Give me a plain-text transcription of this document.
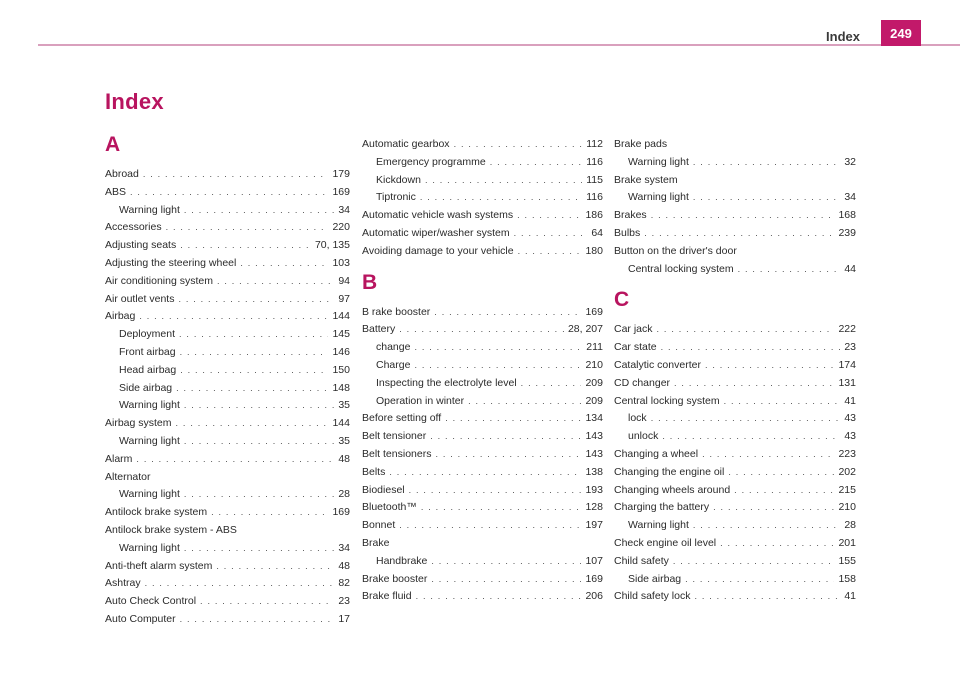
Index	249
Index
A
Abroad . . .	179
ABS . . .	169
Warning light . . .	34
Accessories . . .	220
Adjusting seats . . .	70, 135
Adjusting the steering wheel . . .	103
Air conditioning system . . .	94
Air outlet vents . . .	97
Airbag . . .	144
Deployment . . .	145
Front airbag . . .	146
Head airbag . . .	150
Side airbag . . .	148
Warning light . . .	35
Airbag system . . .	144
Warning light . . .	35
Alarm . . .	48
Alternator
Warning light . . .	28
Antilock brake system . . .	169
Antilock brake system - ABS
Warning light . . .	34
Anti-theft alarm system . . .	48
Ashtray . . .	82
Auto Check Control . . .	23
Auto Computer . . .	17
Automatic gearbox . . .	112
Emergency programme . . .	116
Kickdown . . .	115
Tiptronic . . .	116
Automatic vehicle wash systems . . .	186
Automatic wiper/washer system . . .	64
Avoiding damage to your vehicle . . .	180
B
B rake booster . . .	169
Battery . . .	28, 207
change . . .	211
Charge . . .	210
Inspecting the electrolyte level . . .	209
Operation in winter . . .	209
Before setting off . . .	134
Belt tensioner . . .	143
Belt tensioners . . .	143
Belts . . .	138
Biodiesel . . .	193
Bluetooth™ . . .	128
Bonnet . . .	197
Brake
Handbrake . . .	107
Brake booster . . .	169
Brake fluid . . .	206
Brake pads
Warning light . . .	32
Brake system
Warning light . . .	34
Brakes . . .	168
Bulbs . . .	239
Button on the driver's door
Central locking system . . .	44
C
Car jack . . .	222
Car state . . .	23
Catalytic converter . . .	174
CD changer . . .	131
Central locking system . . .	41
lock . . .	43
unlock . . .	43
Changing a wheel . . .	223
Changing the engine oil . . .	202
Changing wheels around . . .	215
Charging the battery . . .	210
Warning light . . .	28
Check engine oil level . . .	201
Child safety . . .	155
Side airbag . . .	158
Child safety lock . . .	41
